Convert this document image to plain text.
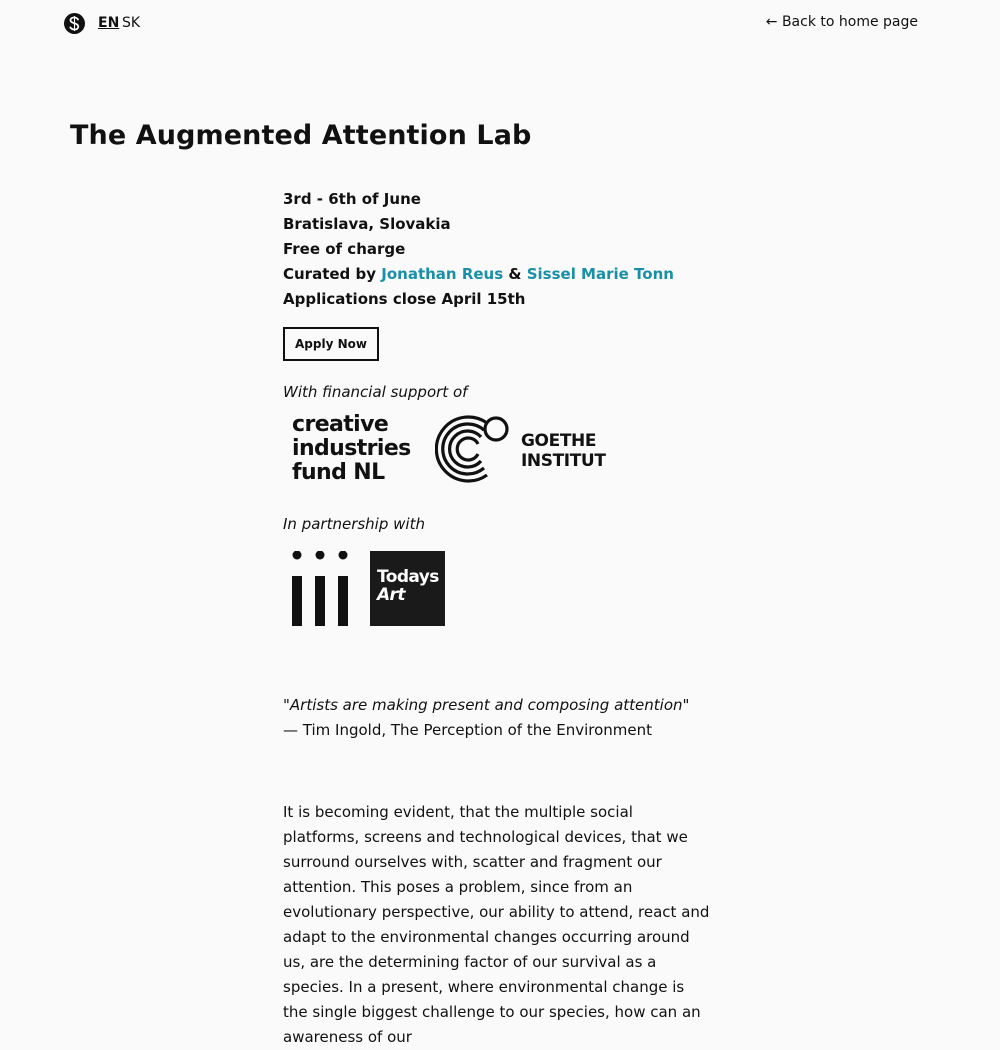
EN SK	← Back to home page
The Augmented Attention Lab
3rd - 6th of June
Bratislava, Slovakia
Free of charge
Curated by Jonathan Reus & Sissel Marie Tonn
Applications close April 15th
Apply Now
With financial support of
creative
industries
fund NL
GOETHE
INSTITUT
In partnership with
Todays
Art
"Artists are making present and composing attention"
— Tim Ingold, The Perception of the Environment
It is becoming evident, that the multiple social platforms, screens and technological devices, that we surround ourselves with, scatter and fragment our attention. This poses a problem, since from an evolutionary perspective, our ability to attend, react and adapt to the environmental changes occurring around us, are the determining factor of our survival as a species. In a present, where environmental change is the single biggest challenge to our species, how can an awareness of our
